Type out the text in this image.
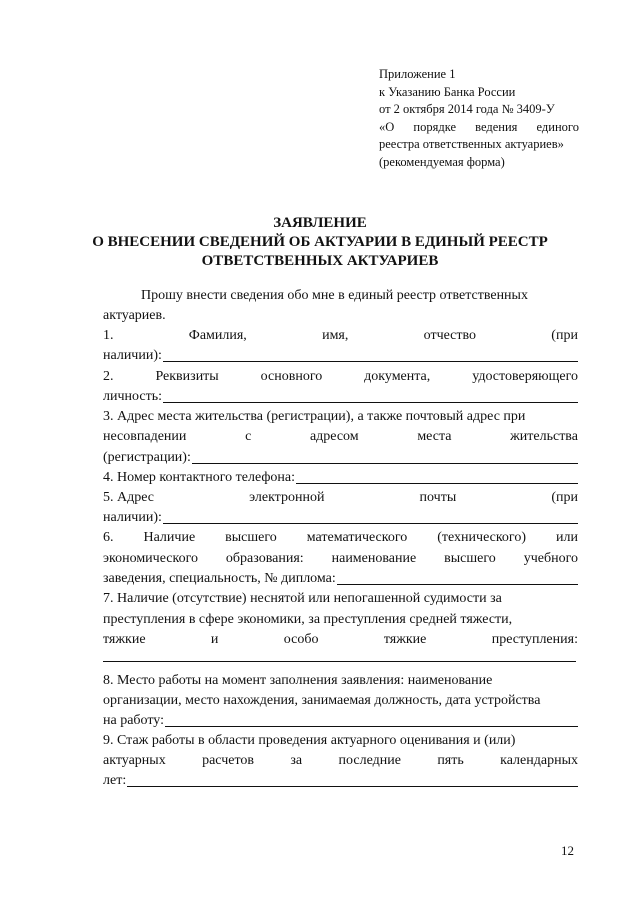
Приложение 1
к Указанию Банка России
от 2 октября 2014 года № 3409-У
«О порядке ведения единого
реестра ответственных актуариев»
(рекомендуемая форма)
ЗАЯВЛЕНИЕ
О ВНЕСЕНИИ СВЕДЕНИЙ ОБ АКТУАРИИ В ЕДИНЫЙ РЕЕСТР
ОТВЕТСТВЕННЫХ АКТУАРИЕВ
Прошу внести сведения обо мне в единый реестр ответственных
актуариев.
1.	Фамилия,	имя,	отчество	(при
наличии):
2.	Реквизиты	основного	документа,	удостоверяющего
личность:
3. Адрес места жительства (регистрации), а также почтовый адрес при
несовпадении	с	адресом	места	жительства
(регистрации):
4. Номер контактного телефона:
5. Адрес	электронной	почты	(при
наличии):
6. Наличие высшего математического (технического) или
экономического образования: наименование высшего учебного
заведения, специальность, № диплома:
7. Наличие (отсутствие) неснятой или непогашенной судимости за
преступления в сфере экономики, за преступления средней тяжести,
тяжкие	и	особо	тяжкие	преступления:
8. Место работы на момент заполнения заявления: наименование
организации, место нахождения, занимаемая должность, дата устройства
на работу:
9. Стаж работы в области проведения актуарного оценивания и (или)
актуарных	расчетов	за	последние	пять	календарных
лет:
12
